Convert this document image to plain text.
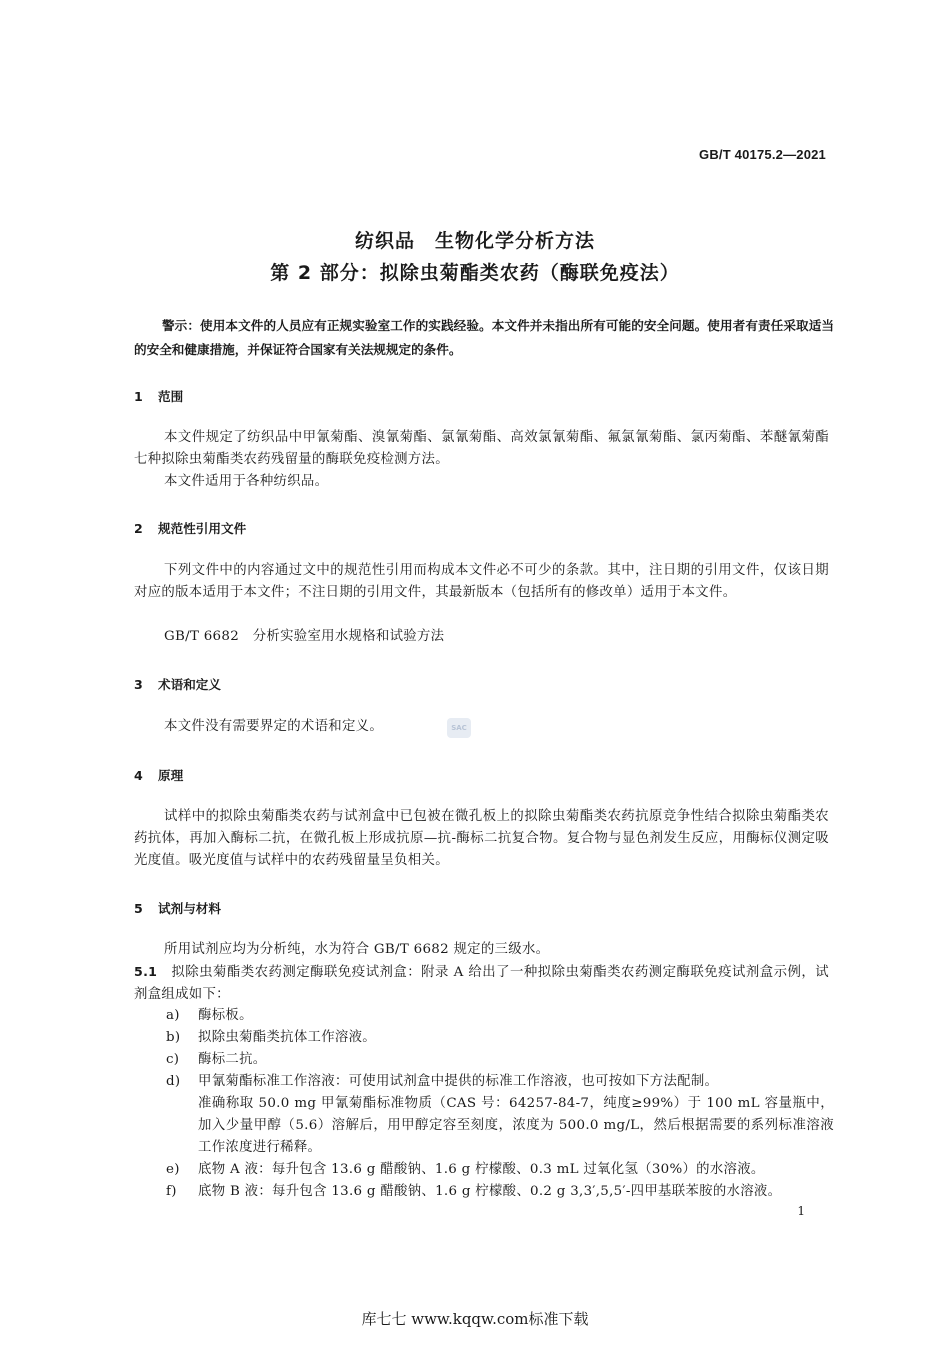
GB/T 40175.2—2021
纺织品　生物化学分析方法
第 2 部分：拟除虫菊酯类农药（酶联免疫法）
警示：使用本文件的人员应有正规实验室工作的实践经验。本文件并未指出所有可能的安全问题。使用者有责任采取适当的安全和健康措施，并保证符合国家有关法规规定的条件。
1 范围
本文件规定了纺织品中甲氰菊酯、溴氰菊酯、氯氰菊酯、高效氯氰菊酯、氟氯氰菊酯、氯丙菊酯、苯醚氰菊酯七种拟除虫菊酯类农药残留量的酶联免疫检测方法。
本文件适用于各种纺织品。
2 规范性引用文件
下列文件中的内容通过文中的规范性引用而构成本文件必不可少的条款。其中，注日期的引用文件，仅该日期对应的版本适用于本文件；不注日期的引用文件，其最新版本（包括所有的修改单）适用于本文件。
GB/T 6682　分析实验室用水规格和试验方法
3 术语和定义
本文件没有需要界定的术语和定义。	SAC
4 原理
试样中的拟除虫菊酯类农药与试剂盒中已包被在微孔板上的拟除虫菊酯类农药抗原竞争性结合拟除虫菊酯类农药抗体，再加入酶标二抗，在微孔板上形成抗原—抗-酶标二抗复合物。复合物与显色剂发生反应，用酶标仪测定吸光度值。吸光度值与试样中的农药残留量呈负相关。
5 试剂与材料
所用试剂应均为分析纯，水为符合 GB/T 6682 规定的三级水。
5.1 拟除虫菊酯类农药测定酶联免疫试剂盒：附录 A 给出了一种拟除虫菊酯类农药测定酶联免疫试剂盒示例，试剂盒组成如下：
a)	酶标板。
b)	拟除虫菊酯类抗体工作溶液。
c)	酶标二抗。
d)	甲氰菊酯标准工作溶液：可使用试剂盒中提供的标准工作溶液，也可按如下方法配制。
准确称取 50.0 mg 甲氰菊酯标准物质（CAS 号：64257-84-7，纯度≥99%）于 100 mL 容量瓶中，加入少量甲醇（5.6）溶解后，用甲醇定容至刻度，浓度为 500.0 mg/L，然后根据需要的系列标准溶液工作浓度进行稀释。
e)	底物 A 液：每升包含 13.6 g 醋酸钠、1.6 g 柠檬酸、0.3 mL 过氧化氢（30%）的水溶液。
f)	底物 B 液：每升包含 13.6 g 醋酸钠、1.6 g 柠檬酸、0.2 g 3,3′,5,5′-四甲基联苯胺的水溶液。
1
库七七 www.kqqw.com标准下载
